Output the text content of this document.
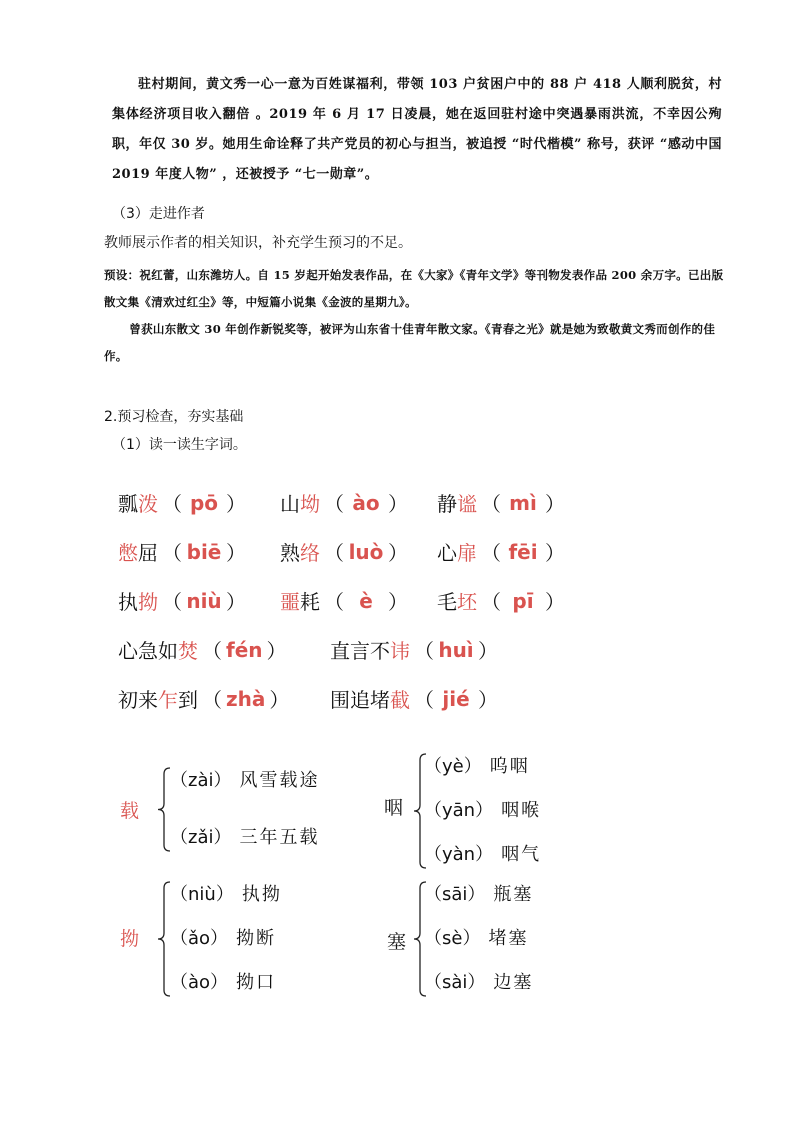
驻村期间，黄文秀一心一意为百姓谋福利，带领 103 户贫困户中的 88 户 418 人顺利脱贫，村集体经济项目收入翻倍 。2019 年 6 月 17 日凌晨，她在返回驻村途中突遇暴雨洪流，不幸因公殉职，年仅 30 岁。她用生命诠释了共产党员的初心与担当，被追授 “时代楷模” 称号，获评 “感动中国 2019 年度人物” ，还被授予 “七一勋章”。
（3）走进作者
教师展示作者的相关知识，补充学生预习的不足。
预设：祝红蕾，山东潍坊人。自 15 岁起开始发表作品，在《大家》《青年文学》等刊物发表作品 200 余万字。已出版散文集《清欢过红尘》等，中短篇小说集《金波的星期九》。
曾获山东散文 30 年创作新锐奖等，被评为山东省十佳青年散文家。《青春之光》就是她为致敬黄文秀而创作的佳作。
2.预习检查，夯实基础
（1）读一读生字词。
瓢 泼 （ pō ） 山 坳 （ ào ） 静 谧 （ mì ）
憋 屈 （ biē ） 熟 络 （ luò ） 心 扉 （ fēi ）
执 拗 （ niù ） 噩 耗 （ è ） 毛 坯 （ pī ）
心急如 焚 （ fén ） 直言不 讳 （ huì ）
初来 乍 到 （ zhà ） 围追堵 截 （ jié ）
载
（zài） 风雪载途
（zǎi） 三年五载
咽
（yè） 呜咽
（yān） 咽喉
（yàn） 咽气
拗
（niù） 执拗
（ǎo） 拗断
（ào） 拗口
塞
（sāi） 瓶塞
（sè） 堵塞
（sài） 边塞
